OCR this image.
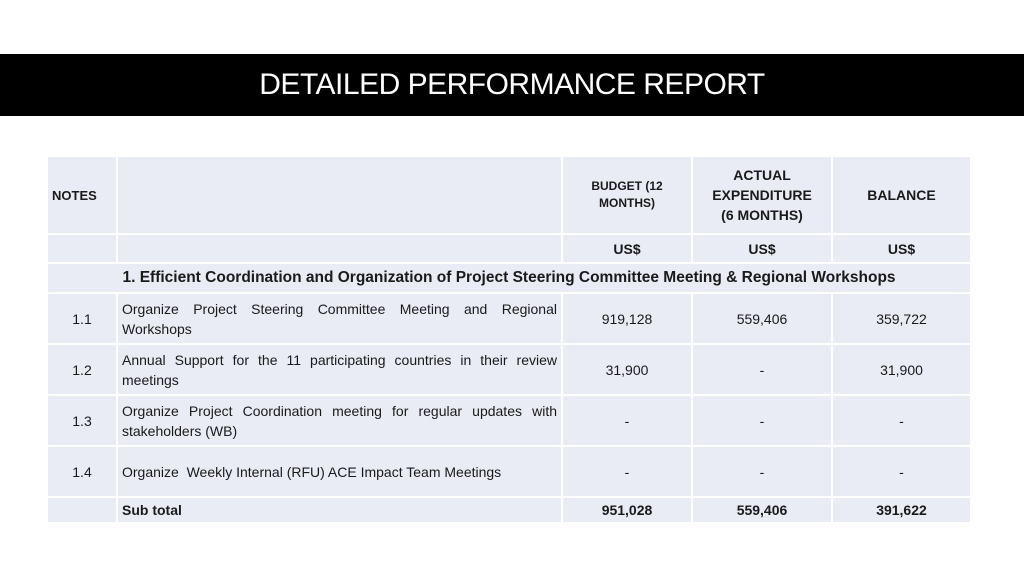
DETAILED PERFORMANCE REPORT
NOTES		BUDGET (12 MONTHS)	ACTUAL EXPENDITURE (6 MONTHS)	BALANCE
		US$	US$	US$
1. Efficient Coordination and Organization of Project Steering Committee Meeting & Regional Workshops				
1.1	Organize Project Steering Committee Meeting and Regional Workshops	919,128	559,406	359,722
1.2	Annual Support for the 11 participating countries in their review meetings	31,900	-	31,900
1.3	Organize Project Coordination meeting for regular updates with stakeholders (WB)	-	-	-
1.4	Organize  Weekly Internal (RFU) ACE Impact Team Meetings	-	-	-
	Sub total	951,028	559,406	391,622
